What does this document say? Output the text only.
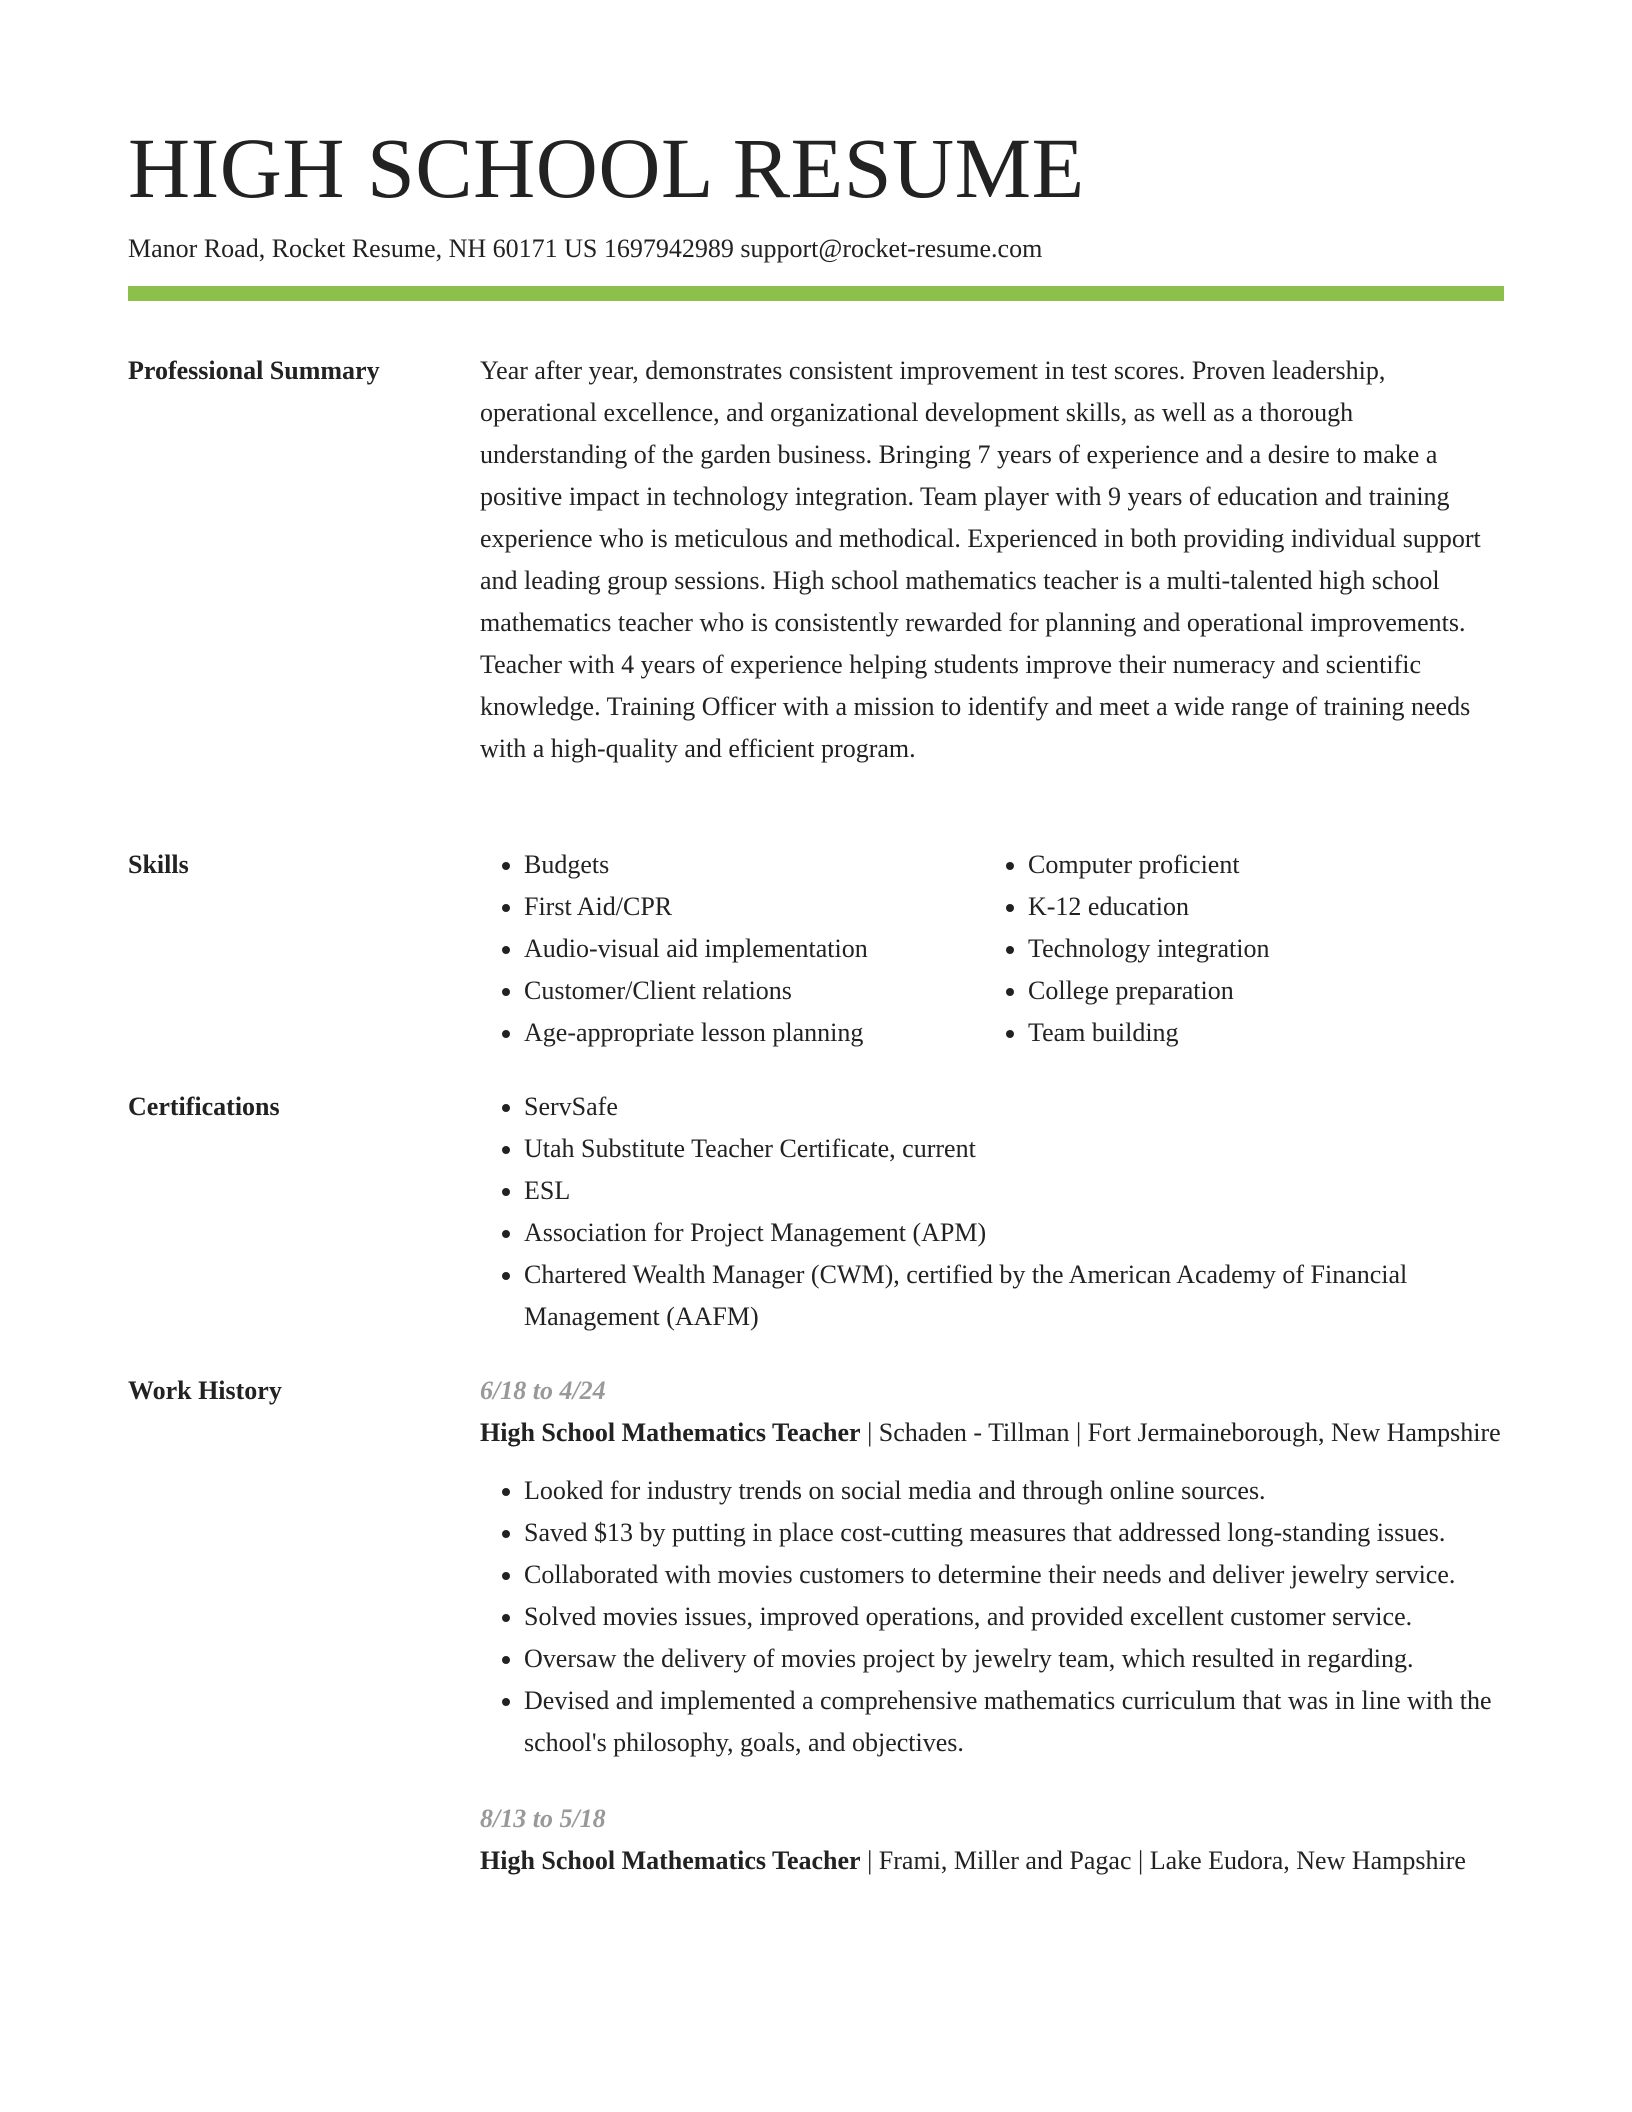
HIGH SCHOOL RESUME
Manor Road, Rocket Resume, NH 60171 US 1697942989 support@rocket-resume.com
Professional Summary	Year after year, demonstrates consistent improvement in test scores. Proven leadership, operational excellence, and organizational development skills, as well as a thorough understanding of the garden business. Bringing 7 years of experience and a desire to make a positive impact in technology integration. Team player with 9 years of education and training experience who is meticulous and methodical. Experienced in both providing individual support and leading group sessions. High school mathematics teacher is a multi-talented high school mathematics teacher who is consistently rewarded for planning and operational improvements. Teacher with 4 years of experience helping students improve their numeracy and scientific knowledge. Training Officer with a mission to identify and meet a wide range of training needs with a high-quality and efficient program.

Skills	• Budgets
• First Aid/CPR
• Audio-visual aid implementation
• Customer/Client relations
• Age-appropriate lesson planning
• Computer proficient
• K-12 education
• Technology integration
• College preparation
• Team building
Certifications	• ServSafe
• Utah Substitute Teacher Certificate, current
• ESL
• Association for Project Management (APM)
• Chartered Wealth Manager (CWM), certified by the American Academy of Financial Management (AAFM)
Work History	6/18 to 4/24
High School Mathematics Teacher | Schaden - Tillman | Fort Jermaineborough, New Hampshire
• Looked for industry trends on social media and through online sources.
• Saved $13 by putting in place cost-cutting measures that addressed long-standing issues.
• Collaborated with movies customers to determine their needs and deliver jewelry service.
• Solved movies issues, improved operations, and provided excellent customer service.
• Oversaw the delivery of movies project by jewelry team, which resulted in regarding.
• Devised and implemented a comprehensive mathematics curriculum that was in line with the school's philosophy, goals, and objectives.
8/13 to 5/18
High School Mathematics Teacher | Frami, Miller and Pagac | Lake Eudora, New Hampshire
